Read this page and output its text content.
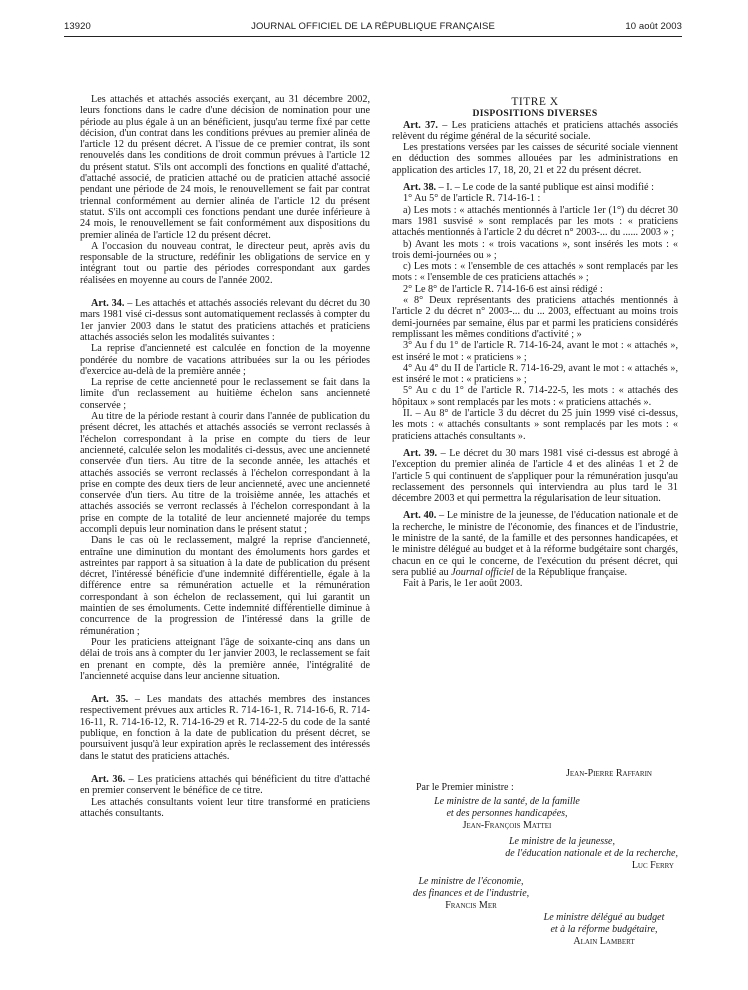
13920	JOURNAL OFFICIEL DE LA RÉPUBLIQUE FRANÇAISE	10 août 2003

Les attachés et attachés associés exerçant, au 31 décembre 2002, leurs fonctions dans le cadre d'une décision de nomination pour une période au plus égale à un an bénéficient, jusqu'au terme fixé par cette décision, d'un contrat dans les conditions prévues au premier alinéa de l'article 12 du présent décret. A l'issue de ce premier contrat, ils sont renouvelés dans les conditions de droit commun prévues à l'article 12 du présent statut. S'ils ont accompli des fonctions en qualité d'attaché, d'attaché associé, de praticien attaché ou de praticien attaché associé pendant une période de 24 mois, le renouvellement se fait par contrat triennal conformément au dernier alinéa de l'article 12 du présent statut. S'ils ont accompli ces fonctions pendant une durée inférieure à 24 mois, le renouvellement se fait conformément aux dispositions du premier alinéa de l'article 12 du présent décret.

A l'occasion du nouveau contrat, le directeur peut, après avis du responsable de la structure, redéfinir les obligations de service en y intégrant tout ou partie des périodes correspondant aux gardes réalisées en moyenne au cours de l'année 2002.

Art. 34. – Les attachés et attachés associés relevant du décret du 30 mars 1981 visé ci-dessus sont automatiquement reclassés à compter du 1er janvier 2003 dans le statut des praticiens attachés et praticiens attachés associés selon les modalités suivantes :

La reprise d'ancienneté est calculée en fonction de la moyenne pondérée du nombre de vacations attribuées sur la ou les périodes d'exercice au-delà de la première année ;

La reprise de cette ancienneté pour le reclassement se fait dans la limite d'un reclassement au huitième échelon sans ancienneté conservée ;

Au titre de la période restant à courir dans l'année de publication du présent décret, les attachés et attachés associés se verront reclassés à l'échelon correspondant à la prise en compte du tiers de leur ancienneté, calculée selon les modalités ci-dessus, avec une ancienneté conservée d'un tiers. Au titre de la seconde année, les attachés et attachés associés se verront reclassés à l'échelon correspondant à la prise en compte des deux tiers de leur ancienneté, avec une ancienneté conservée d'un tiers. Au titre de la troisième année, les attachés et attachés associés se verront reclassés à l'échelon correspondant à la prise en compte de la totalité de leur ancienneté majorée du temps accompli depuis leur nomination dans le présent statut ;

Dans le cas où le reclassement, malgré la reprise d'ancienneté, entraîne une diminution du montant des émoluments hors gardes et astreintes par rapport à sa situation à la date de publication du présent décret, l'intéressé bénéficie d'une indemnité différentielle, égale à la différence entre sa rémunération actuelle et la rémunération correspondant à son échelon de reclassement, qui lui garantit un maintien de ses émoluments. Cette indemnité différentielle diminue à concurrence de la progression de l'intéressé dans la grille de rémunération ;

Pour les praticiens atteignant l'âge de soixante-cinq ans dans un délai de trois ans à compter du 1er janvier 2003, le reclassement se fait en prenant en compte, dès la première année, l'intégralité de l'ancienneté acquise dans leur ancienne situation.

Art. 35. – Les mandats des attachés membres des instances respectivement prévues aux articles R. 714-16-1, R. 714-16-6, R. 714-16-11, R. 714-16-12, R. 714-16-29 et R. 714-22-5 du code de la santé publique, en fonction à la date de publication du présent décret, se poursuivent jusqu'à leur expiration après le reclassement des intéressés dans le statut des praticiens attachés.

Art. 36. – Les praticiens attachés qui bénéficient du titre d'attaché en premier conservent le bénéfice de ce titre.

Les attachés consultants voient leur titre transformé en praticiens attachés consultants.

TITRE X

DISPOSITIONS DIVERSES

Art. 37. – Les praticiens attachés et praticiens attachés associés relèvent du régime général de la sécurité sociale.

Les prestations versées par les caisses de sécurité sociale viennent en déduction des sommes allouées par les administrations en application des articles 17, 18, 20, 21 et 22 du présent décret.

Art. 38. – I. – Le code de la santé publique est ainsi modifié :

1° Au 5° de l'article R. 714-16-1 :

a) Les mots : « attachés mentionnés à l'article 1er (1°) du décret 30 mars 1981 susvisé » sont remplacés par les mots : « praticiens attachés mentionnés à l'article 2 du décret n° 2003-... du ...... 2003 » ;

b) Avant les mots : « trois vacations », sont insérés les mots : « trois demi-journées ou » ;

c) Les mots : « l'ensemble de ces attachés » sont remplacés par les mots : « l'ensemble de ces praticiens attachés » ;

2° Le 8° de l'article R. 714-16-6 est ainsi rédigé :

« 8° Deux représentants des praticiens attachés mentionnés à l'article 2 du décret n° 2003-... du ... 2003, effectuant au moins trois demi-journées par semaine, élus par et parmi les praticiens considérés remplissant les mêmes conditions d'activité ; »

3° Au f du 1° de l'article R. 714-16-24, avant le mot : « attachés », est inséré le mot : « praticiens » ;

4° Au 4° du II de l'article R. 714-16-29, avant le mot : « attachés », est inséré le mot : « praticiens » ;

5° Au c du 1° de l'article R. 714-22-5, les mots : « attachés des hôpitaux » sont remplacés par les mots : « praticiens attachés ».

II. – Au 8° de l'article 3 du décret du 25 juin 1999 visé ci-dessus, les mots : « attachés consultants » sont remplacés par les mots : « praticiens attachés consultants ».

Art. 39. – Le décret du 30 mars 1981 visé ci-dessus est abrogé à l'exception du premier alinéa de l'article 4 et des alinéas 1 et 2 de l'article 5 qui continuent de s'appliquer pour la rémunération jusqu'au reclassement des personnels qui interviendra au plus tard le 31 décembre 2003 et qui permettra la régularisation de leur situation.

Art. 40. – Le ministre de la jeunesse, de l'éducation nationale et de la recherche, le ministre de l'économie, des finances et de l'industrie, le ministre de la santé, de la famille et des personnes handicapées, et le ministre délégué au budget et à la réforme budgétaire sont chargés, chacun en ce qui le concerne, de l'exécution du présent décret, qui sera publié au Journal officiel de la République française.

Fait à Paris, le 1er août 2003.

Jean-Pierre Raffarin
Par le Premier ministre :
Le ministre de la santé, de la famille
et des personnes handicapées,
Jean-François Mattei
Le ministre de la jeunesse,
de l'éducation nationale et de la recherche,
Luc Ferry
Le ministre de l'économie,
des finances et de l'industrie,
Francis Mer
Le ministre délégué au budget
et à la réforme budgétaire,
Alain Lambert
